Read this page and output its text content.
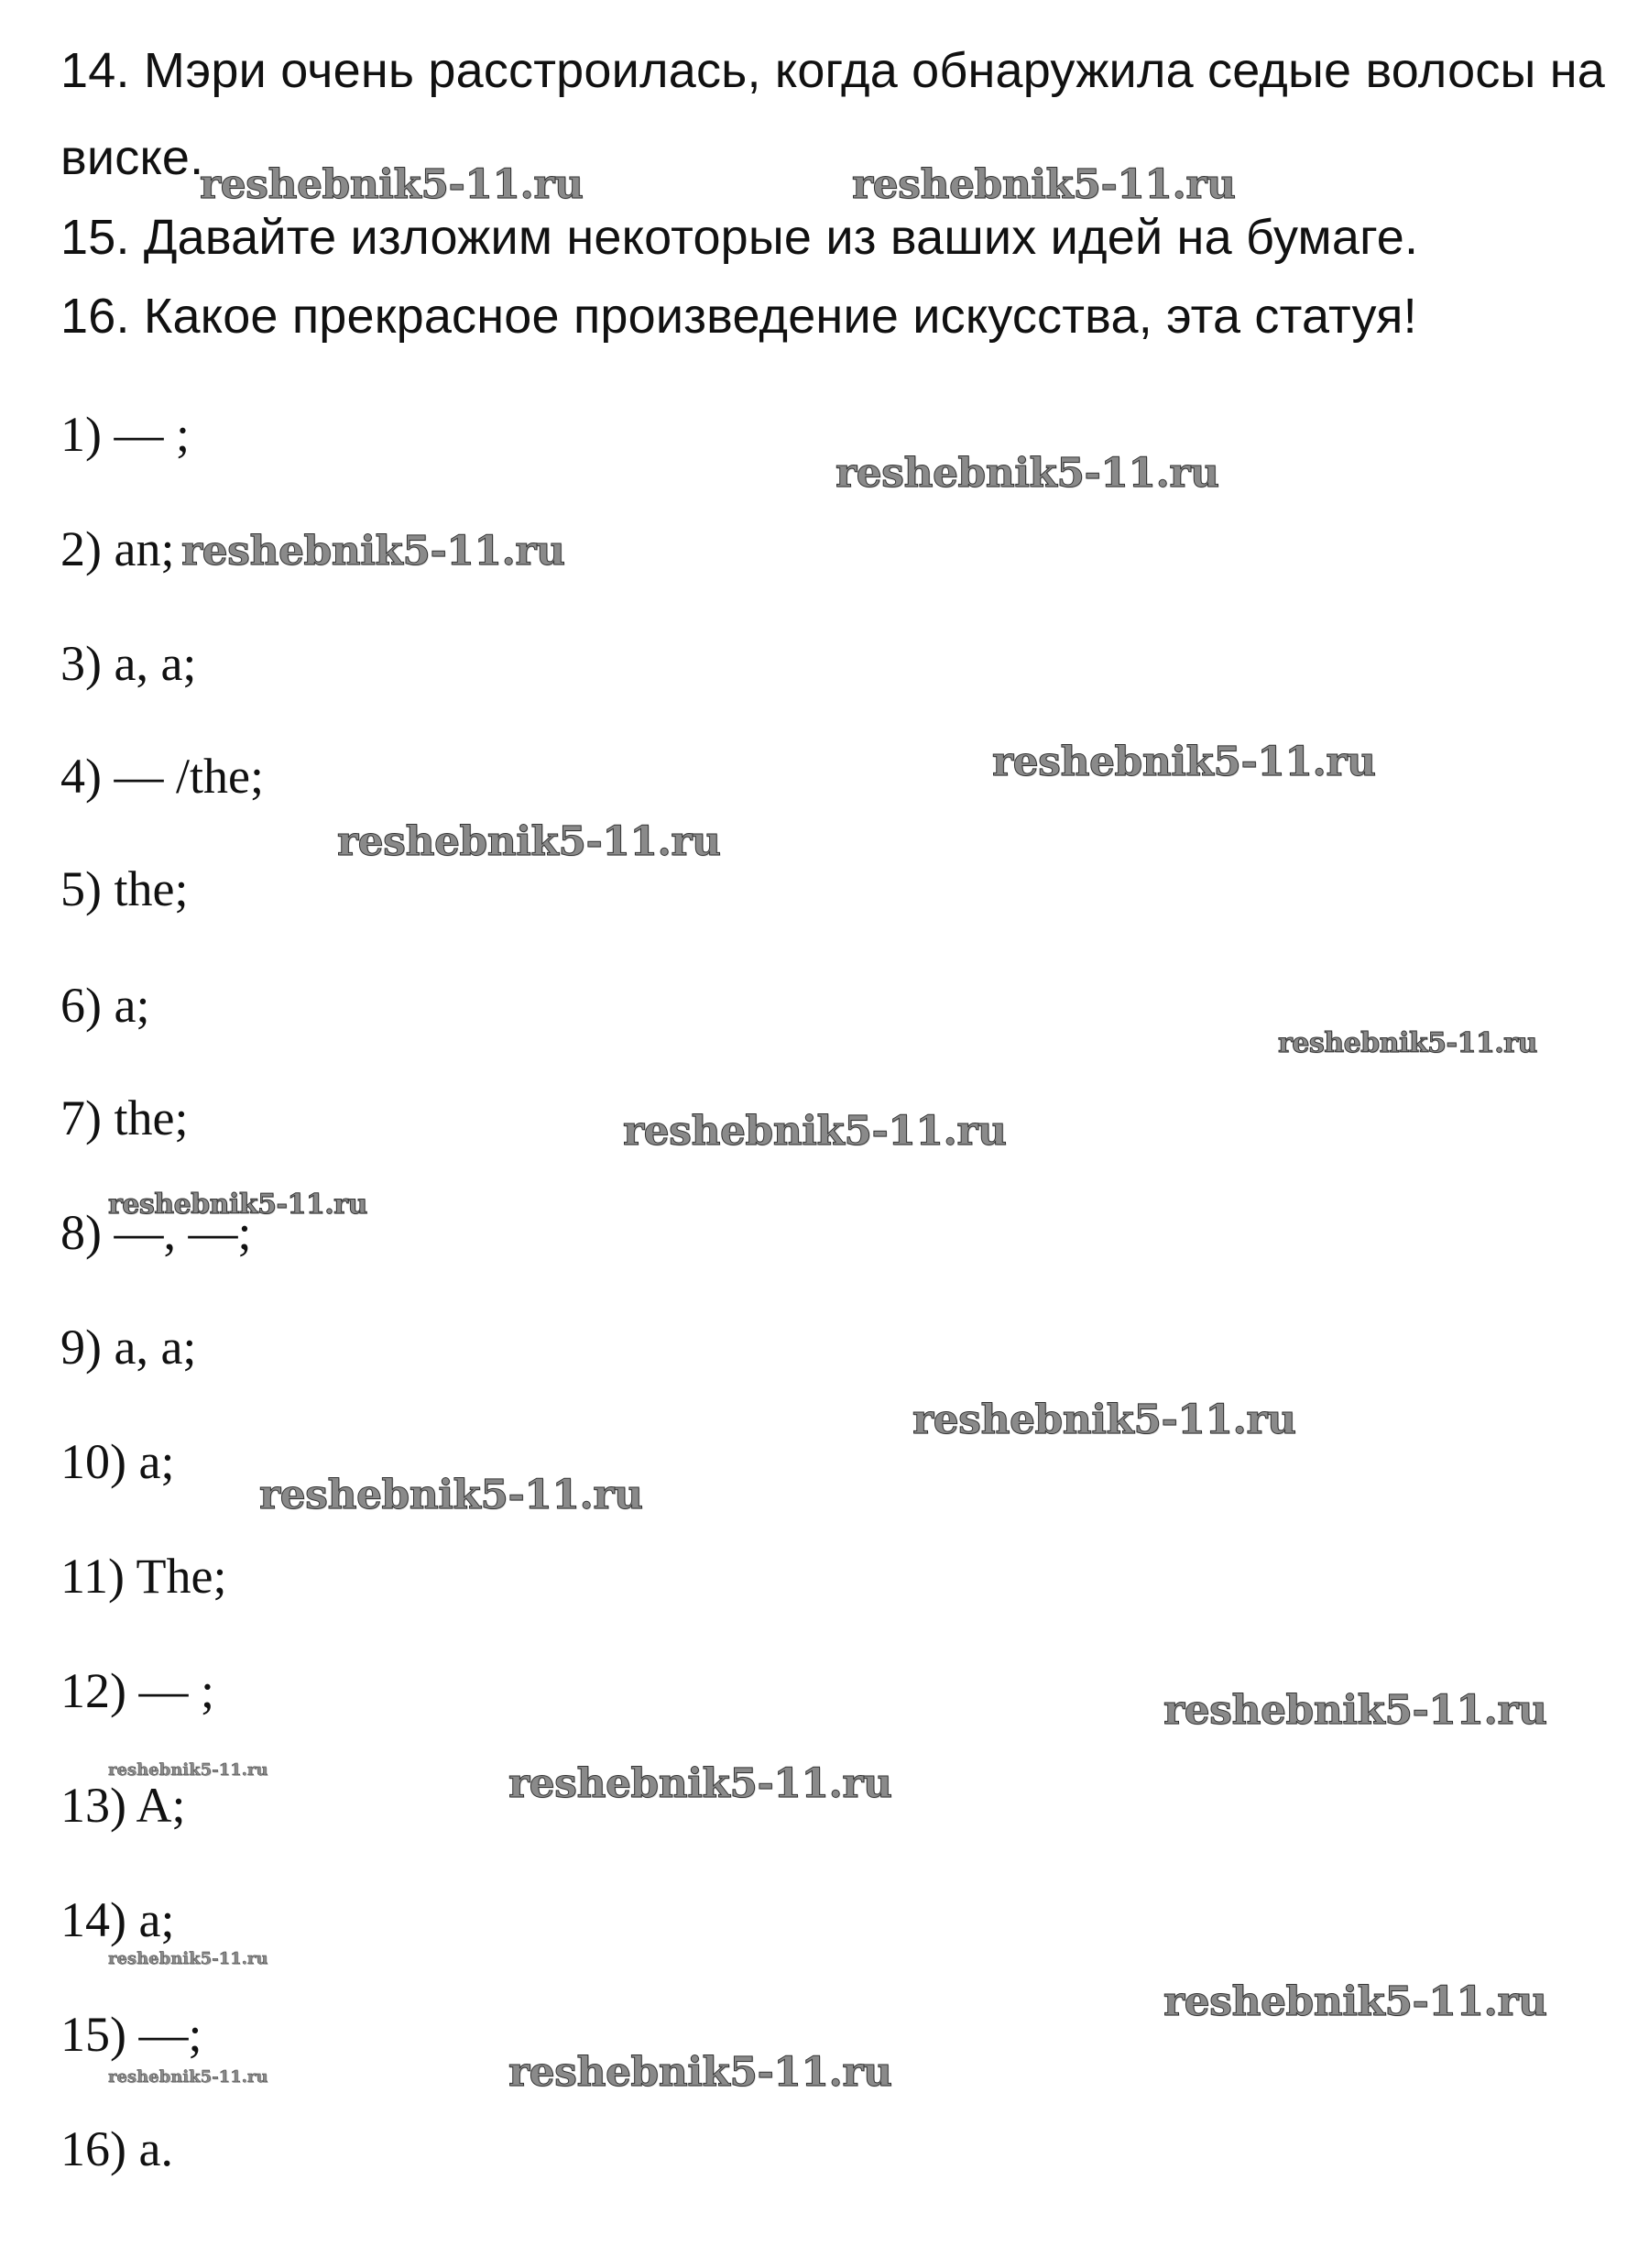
14. Мэри очень расстроилась, когда обнаружила седые волосы на
виске.
15. Давайте изложим некоторые из ваших идей на бумаге.
16. Какое прекрасное произведение искусства, эта статуя!
1) — ;
2) an;
3) a, a;
4) — /the;
5) the;
6) a;
7) the;
8) —, —;
9) a, a;
10) a;
11) The;
12) — ;
13) A;
14) a;
15) —;
16) a.
reshebnik5-11.ru	reshebnik5-11.ru
reshebnik5-11.ru
reshebnik5-11.ru
reshebnik5-11.ru
reshebnik5-11.ru
reshebnik5-11.ru
reshebnik5-11.ru
reshebnik5-11.ru
reshebnik5-11.ru
reshebnik5-11.ru
reshebnik5-11.ru
reshebnik5-11.ru	reshebnik5-11.ru
reshebnik5-11.ru
reshebnik5-11.ru
reshebnik5-11.ru	reshebnik5-11.ru
